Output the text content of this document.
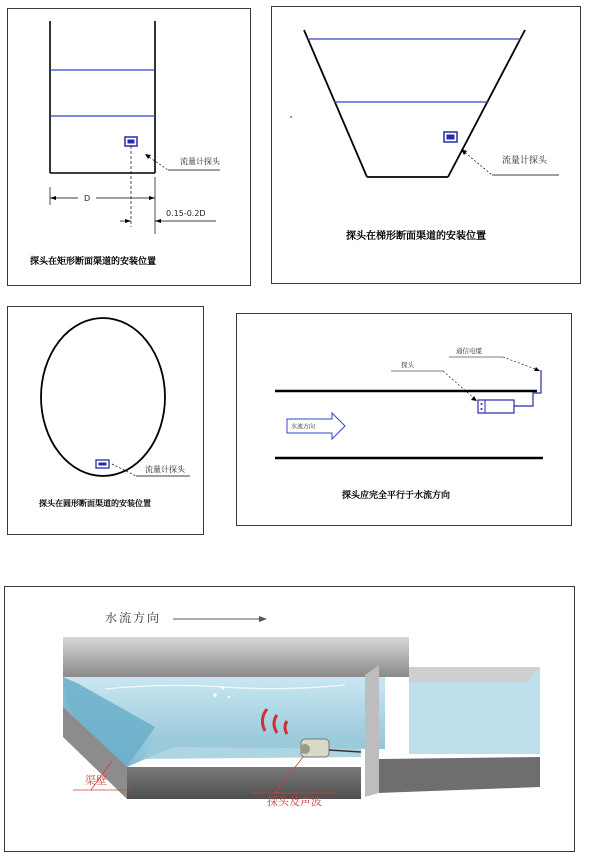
流量计探头
D
0.15-0.2D
探头在矩形断面渠道的安装位置
流量计探头
探头在梯形断面渠道的安装位置
流量计探头
探头在圆形断面渠道的安装位置
通信电缆
探头
水流方向
探头应完全平行于水流方向
水流方向
渠壁
探头及声波
